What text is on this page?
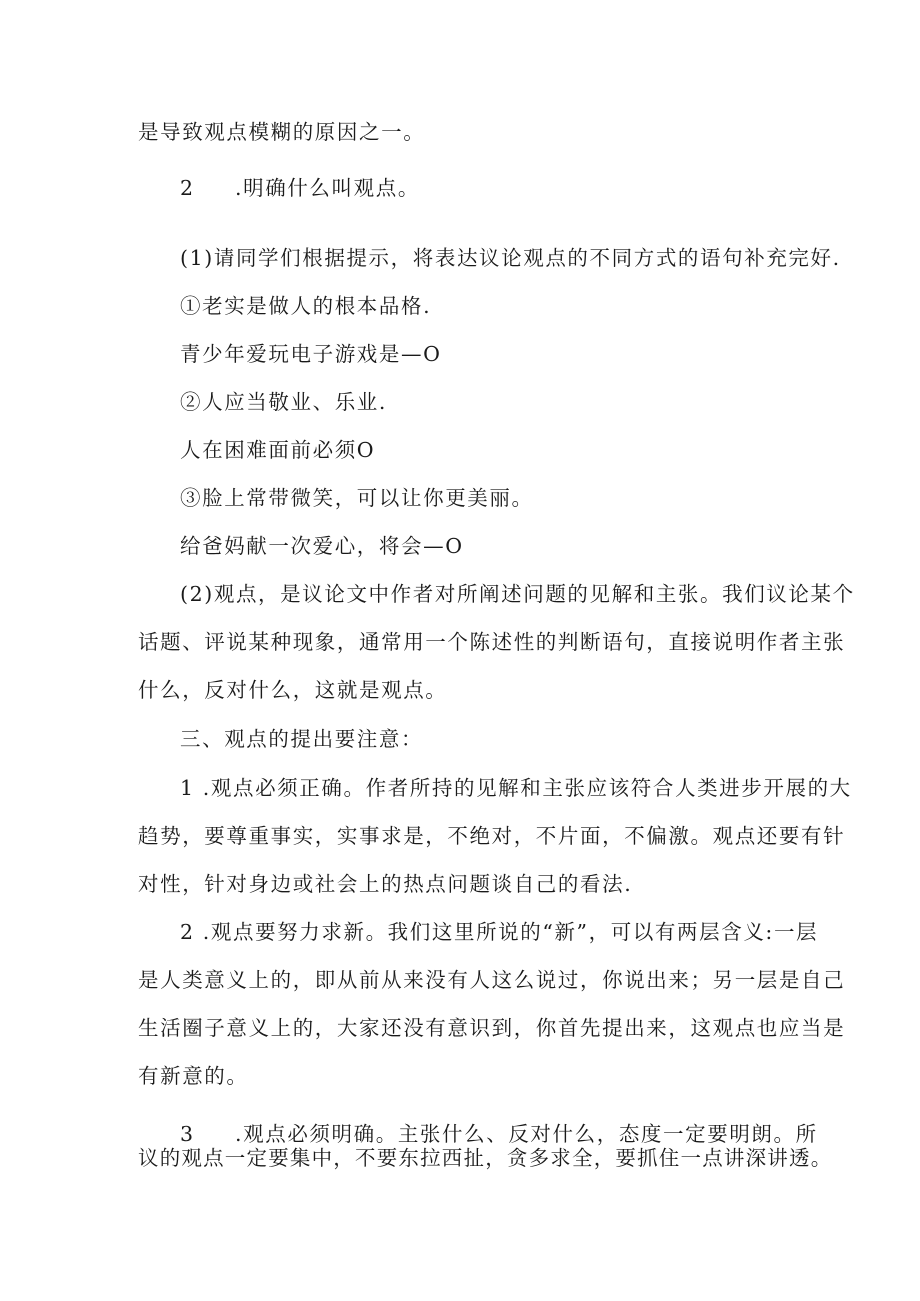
是导致观点模糊的原因之一。
2 .明确什么叫观点。
(1)请同学们根据提示，将表达议论观点的不同方式的语句补充完好.
①老实是做人的根本品格.
青少年爱玩电子游戏是—O
②人应当敬业、乐业.
人在困难面前必须O
③脸上常带微笑，可以让你更美丽。
给爸妈献一次爱心，将会—O
(2)观点，是议论文中作者对所阐述问题的见解和主张。我们议论某个
话题、评说某种现象，通常用一个陈述性的判断语句，直接说明作者主张
什么，反对什么，这就是观点。
三、观点的提出要注意：
1 .观点必须正确。作者所持的见解和主张应该符合人类进步开展的大
趋势，要尊重事实，实事求是，不绝对，不片面，不偏激。观点还要有针
对性，针对身边或社会上的热点问题谈自己的看法.
2 .观点要努力求新。我们这里所说的“新”，可以有两层含义:一层
是人类意义上的，即从前从来没有人这么说过，你说出来；另一层是自己
生活圈子意义上的，大家还没有意识到，你首先提出来，这观点也应当是
有新意的。
3 .观点必须明确。主张什么、反对什么，态度一定要明朗。所
议的观点一定要集中，不要东拉西扯，贪多求全，要抓住一点讲深讲透。
